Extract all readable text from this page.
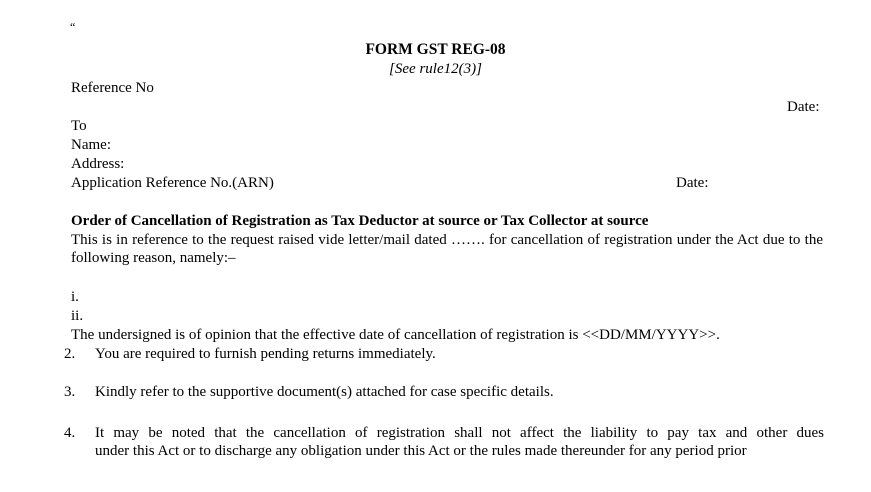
“
FORM GST REG-08
[See rule12(3)]
Reference No
Date:
To
Name:
Address:
Application Reference No.(ARN)	Date:
Order of Cancellation of Registration as Tax Deductor at source or Tax Collector at source
This is in reference to the request raised vide letter/mail dated ……. for cancellation of registration under the Act due to the following reason, namely:–
i.
ii.
The undersigned is of opinion that the effective date of cancellation of registration is <<DD/MM/YYYY>>.
2. You are required to furnish pending returns immediately.
3. Kindly refer to the supportive document(s) attached for case specific details.
4. It may be noted that the cancellation of registration shall not affect the liability to pay tax and other dues
under this Act or to discharge any obligation under this Act or the rules made thereunder for any period prior
